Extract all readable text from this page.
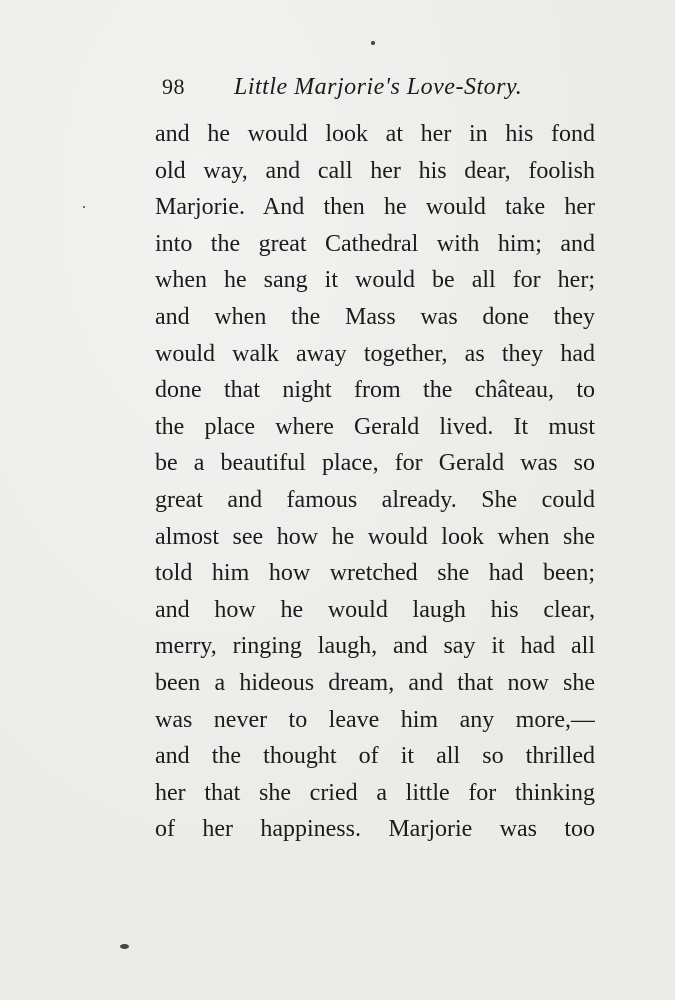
98 Little Marjorie's Love-Story.
and he would look at her in his fond
old way, and call her his dear, foolish
Marjorie. And then he would take her
into the great Cathedral with him; and
when he sang it would be all for her;
and when the Mass was done they
would walk away together, as they had
done that night from the château, to
the place where Gerald lived. It must
be a beautiful place, for Gerald was so
great and famous already. She could
almost see how he would look when she
told him how wretched she had been;
and how he would laugh his clear,
merry, ringing laugh, and say it had all
been a hideous dream, and that now she
was never to leave him any more,—
and the thought of it all so thrilled
her that she cried a little for thinking
of her happiness. Marjorie was too
